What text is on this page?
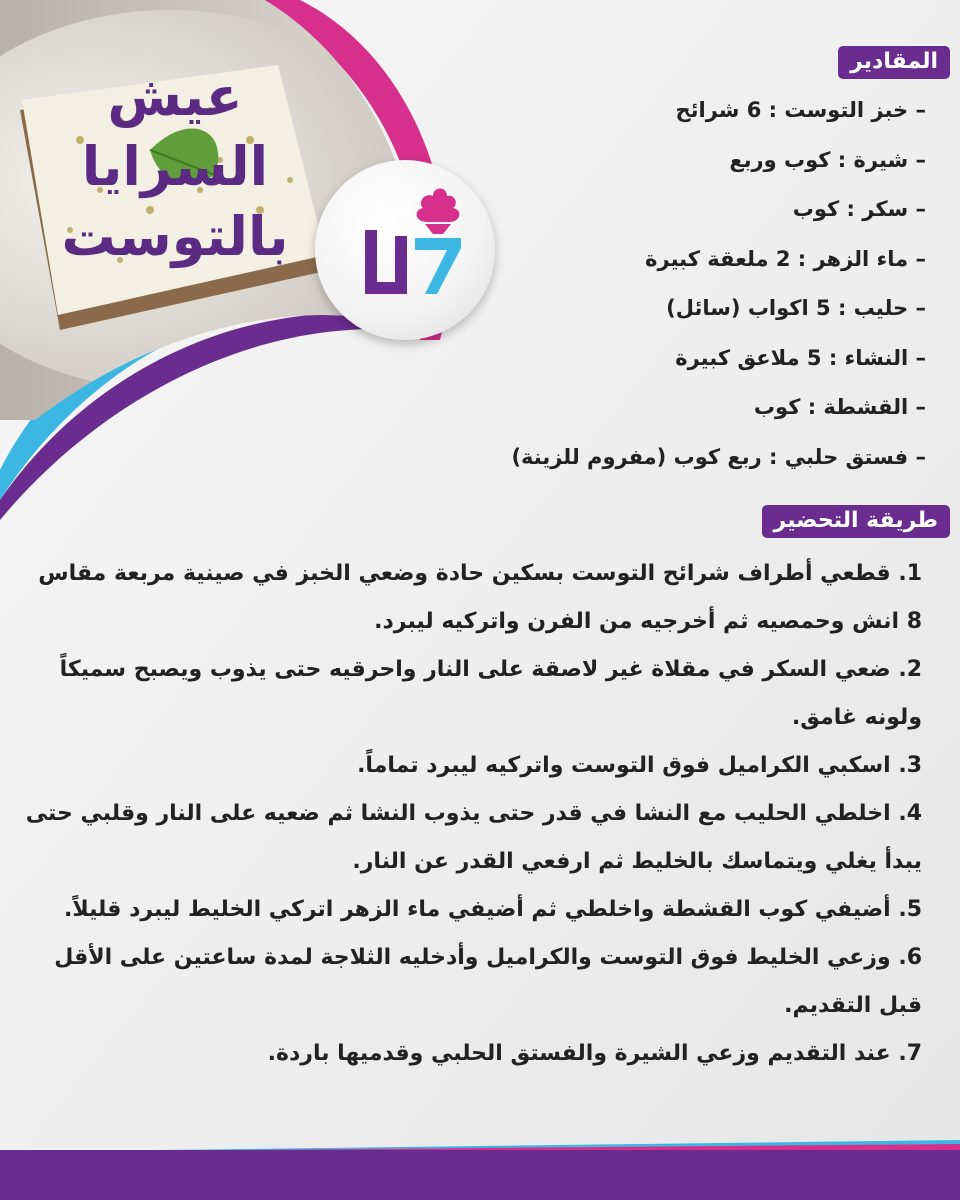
عيش
السرايا
بالتوست
المقادير
– خبز التوست : 6 شرائح
– شيرة : كوب وربع
– سكر : كوب
– ماء الزهر : 2 ملعقة كبيرة
– حليب : 5 اكواب (سائل)
– النشاء : 5 ملاعق كبيرة
– القشطة : كوب
– فستق حلبي : ربع كوب (مفروم للزينة)
طريقة التحضير
1. قطعي أطراف شرائح التوست بسكين حادة وضعي الخبز في صينية مربعة مقاس 8 انش وحمصيه ثم أخرجيه من الفرن واتركيه ليبرد.
2. ضعي السكر في مقلاة غير لاصقة على النار واحرقيه حتى يذوب ويصبح سميكاً ولونه غامق.
3. اسكبي الكراميل فوق التوست واتركيه ليبرد تماماً.
4. اخلطي الحليب مع النشا في قدر حتى يذوب النشا ثم ضعيه على النار وقلبي حتى يبدأ يغلي ويتماسك بالخليط ثم ارفعي القدر عن النار.
5. أضيفي كوب القشطة واخلطي ثم أضيفي ماء الزهر اتركي الخليط ليبرد قليلاً.
6. وزعي الخليط فوق التوست والكراميل وأدخليه الثلاجة لمدة ساعتين على الأقل قبل التقديم.
7. عند التقديم وزعي الشيرة والفستق الحلبي وقدميها باردة.
